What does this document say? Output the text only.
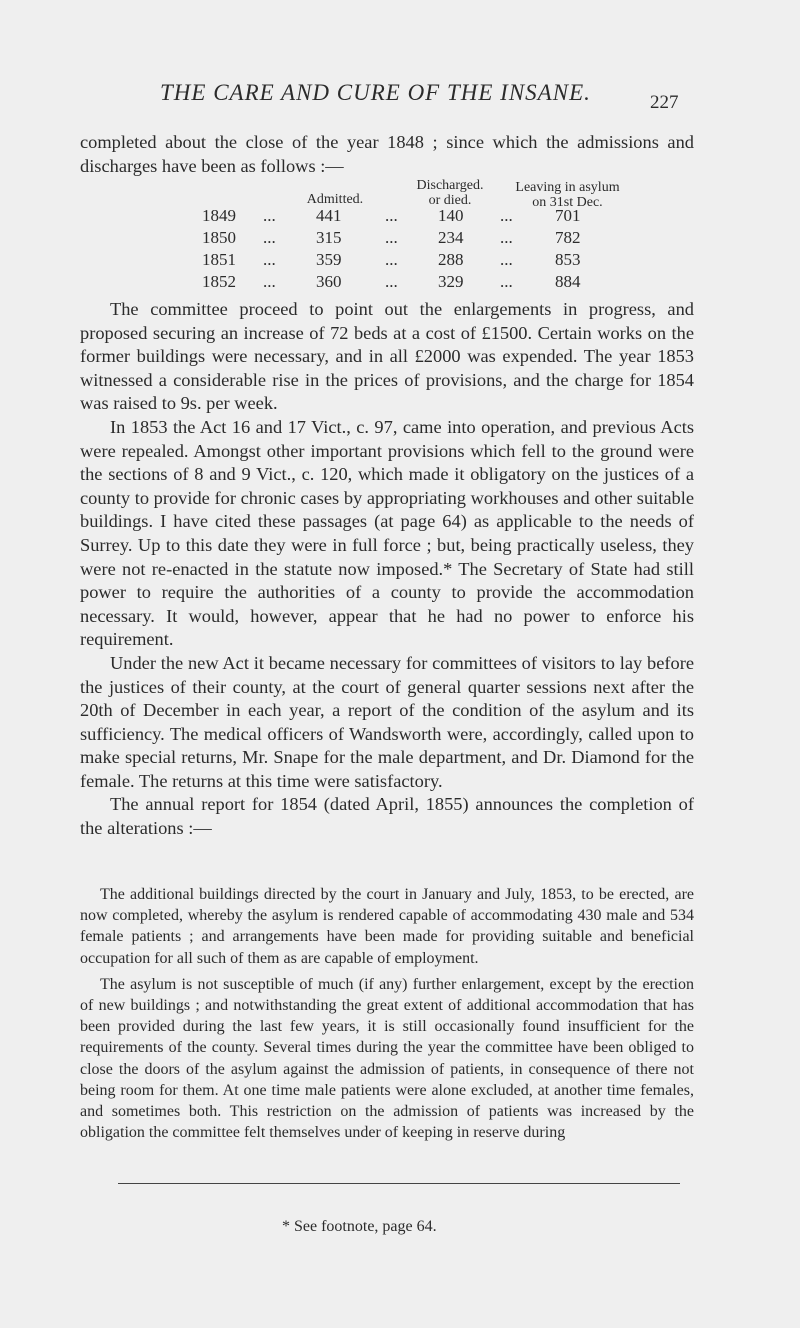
THE CARE AND CURE OF THE INSANE.	227

completed about the close of the year 1848 ; since which the admissions and discharges have been as follows :—

Admitted.
Discharged.
or died.
Leaving in asylum
on 31st Dec.
1849 ... 441	... 140 ... 701
1850 ... 315	... 234 ... 782
1851 ... 359	... 288 ... 853
1852 ... 360	... 329 ... 884

The committee proceed to point out the enlargements in progress, and proposed securing an increase of 72 beds at a cost of £1500. Certain works on the former buildings were necessary, and in all £2000 was expended. The year 1853 witnessed a considerable rise in the prices of provisions, and the charge for 1854 was raised to 9s. per week.

In 1853 the Act 16 and 17 Vict., c. 97, came into operation, and previous Acts were repealed. Amongst other important provisions which fell to the ground were the sections of 8 and 9 Vict., c. 120, which made it obligatory on the justices of a county to provide for chronic cases by appropriating workhouses and other suitable buildings. I have cited these passages (at page 64) as applicable to the needs of Surrey. Up to this date they were in full force ; but, being practically useless, they were not re-enacted in the statute now imposed.* The Secretary of State had still power to require the authorities of a county to provide the accommodation necessary. It would, however, appear that he had no power to enforce his requirement.

Under the new Act it became necessary for committees of visitors to lay before the justices of their county, at the court of general quarter sessions next after the 20th of December in each year, a report of the condition of the asylum and its sufficiency. The medical officers of Wandsworth were, accordingly, called upon to make special returns, Mr. Snape for the male department, and Dr. Diamond for the female. The returns at this time were satisfactory.

The annual report for 1854 (dated April, 1855) announces the completion of the alterations :—

The additional buildings directed by the court in January and July, 1853, to be erected, are now completed, whereby the asylum is rendered capable of accommodating 430 male and 534 female patients ; and arrangements have been made for providing suitable and beneficial occupation for all such of them as are capable of employment.

The asylum is not susceptible of much (if any) further enlargement, except by the erection of new buildings ; and notwithstanding the great extent of additional accommodation that has been provided during the last few years, it is still occasionally found insufficient for the requirements of the county. Several times during the year the committee have been obliged to close the doors of the asylum against the admission of patients, in consequence of there not being room for them. At one time male patients were alone excluded, at another time females, and sometimes both. This restriction on the admission of patients was increased by the obligation the committee felt themselves under of keeping in reserve during

* See footnote, page 64.
